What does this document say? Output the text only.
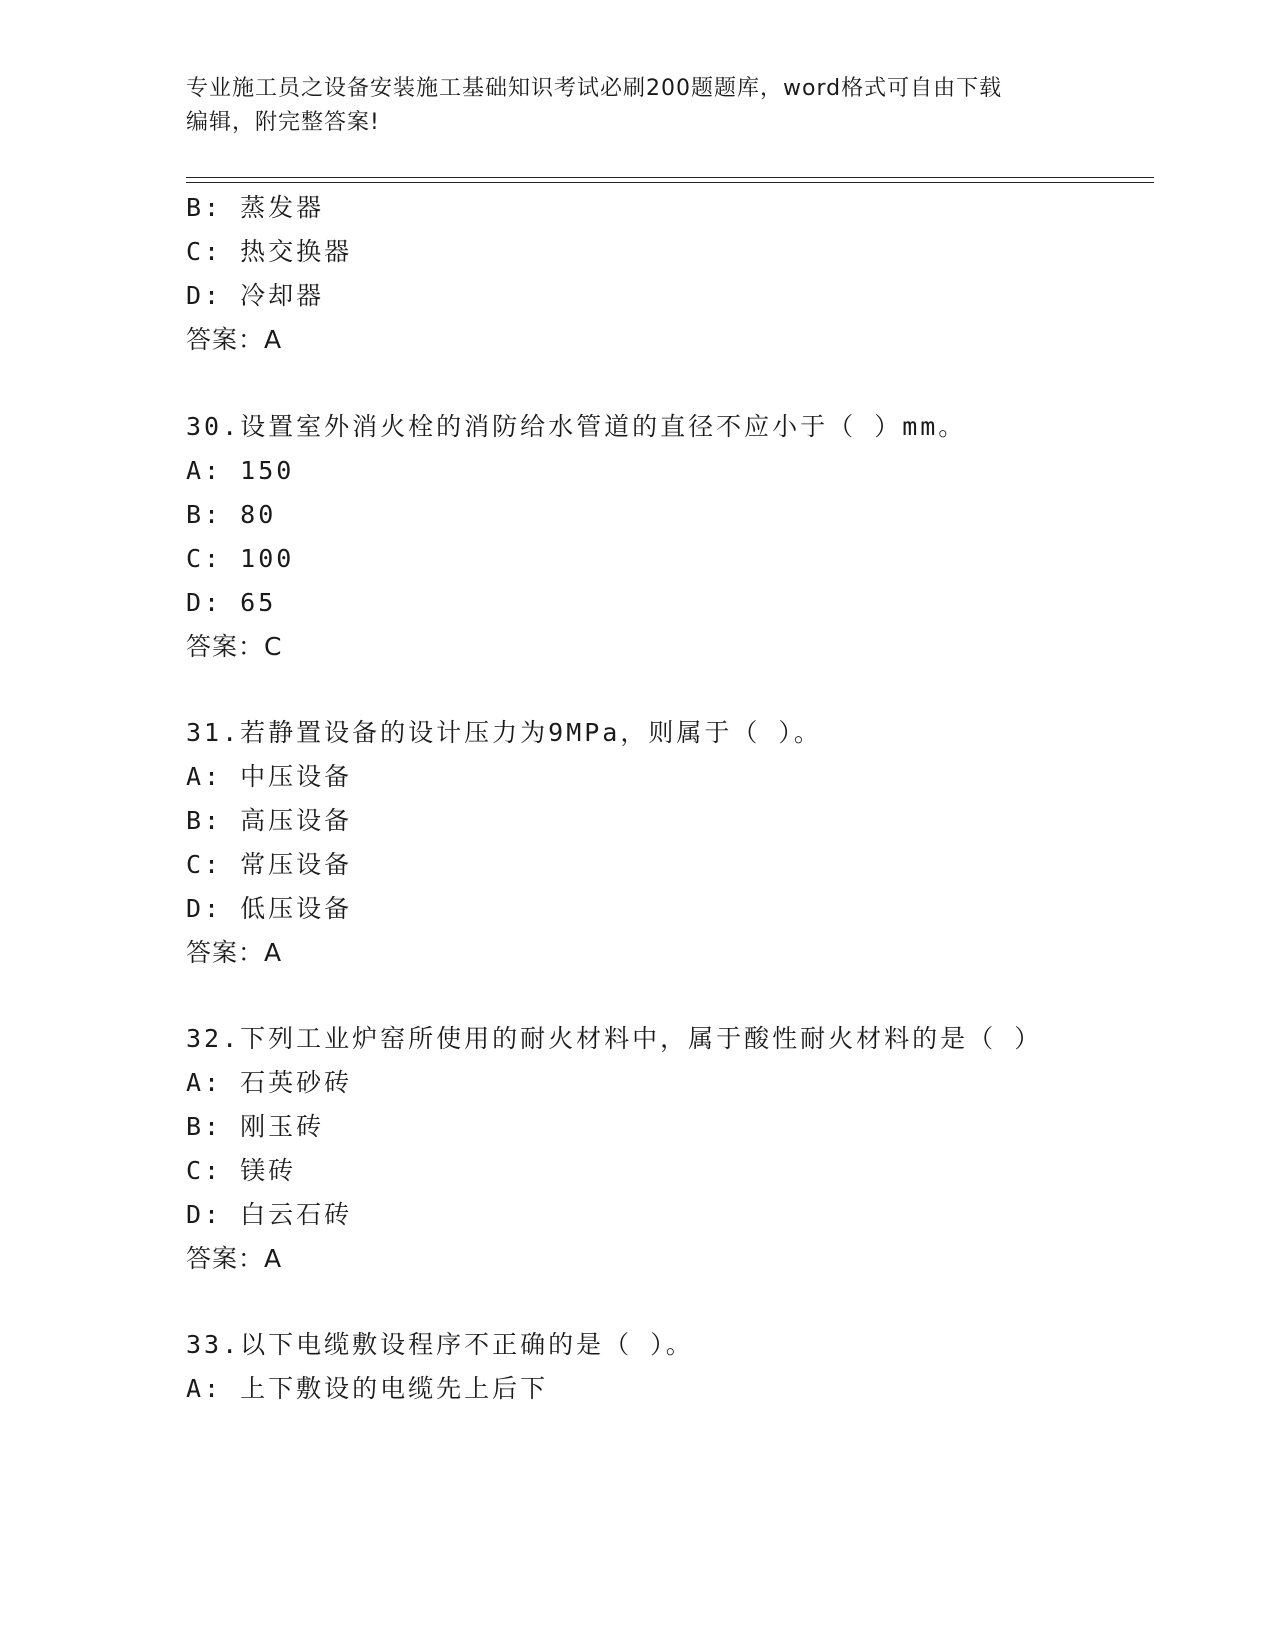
专业施工员之设备安装施工基础知识考试必刷200题题库，word格式可自由下载
编辑，附完整答案!
B: 蒸发器
C: 热交换器
D: 冷却器
答案：A
30.设置室外消火栓的消防给水管道的直径不应小于（ ）mm。
A: 150
B: 80
C: 100
D: 65
答案：C
31.若静置设备的设计压力为9MPa，则属于（ ）。
A: 中压设备
B: 高压设备
C: 常压设备
D: 低压设备
答案：A
32.下列工业炉窑所使用的耐火材料中，属于酸性耐火材料的是（ ）
A: 石英砂砖
B: 刚玉砖
C: 镁砖
D: 白云石砖
答案：A
33.以下电缆敷设程序不正确的是（ ）。
A: 上下敷设的电缆先上后下
